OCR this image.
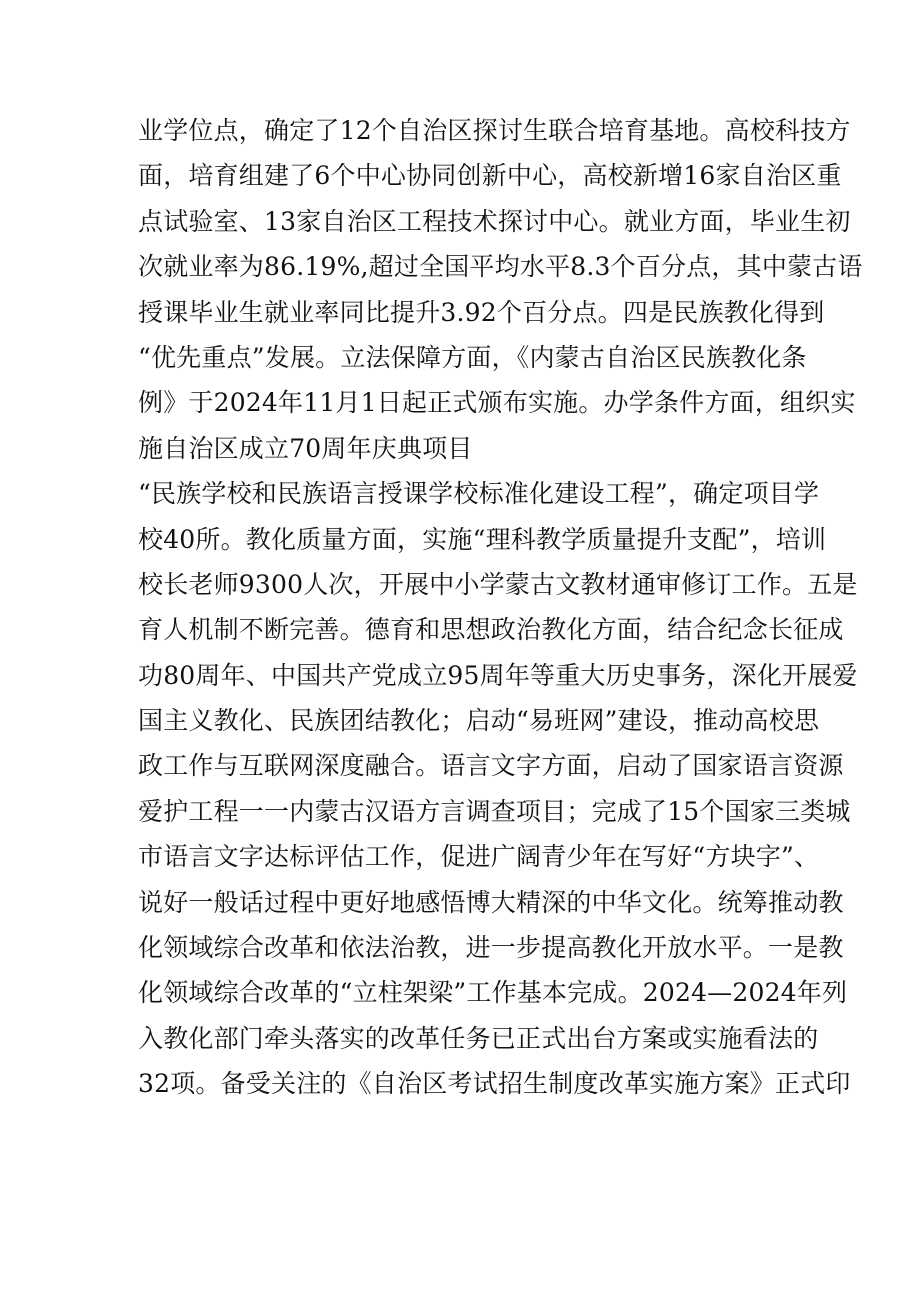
业学位点，确定了12个自治区探讨生联合培育基地。高校科技方
面，培育组建了6个中心协同创新中心，高校新增16家自治区重
点试验室、13家自治区工程技术探讨中心。就业方面，毕业生初
次就业率为86.19%,超过全国平均水平8.3个百分点，其中蒙古语
授课毕业生就业率同比提升3.92个百分点。四是民族教化得到
“优先重点”发展。立法保障方面，《内蒙古自治区民族教化条
例》于2024年11月1日起正式颁布实施。办学条件方面，组织实
施自治区成立70周年庆典项目
“民族学校和民族语言授课学校标准化建设工程”，确定项目学
校40所。教化质量方面，实施“理科教学质量提升支配”，培训
校长老师9300人次，开展中小学蒙古文教材通审修订工作。五是
育人机制不断完善。德育和思想政治教化方面，结合纪念长征成
功80周年、中国共产党成立95周年等重大历史事务，深化开展爱
国主义教化、民族团结教化；启动“易班网”建设，推动高校思
政工作与互联网深度融合。语言文字方面，启动了国家语言资源
爱护工程一一内蒙古汉语方言调查项目；完成了15个国家三类城
市语言文字达标评估工作，促进广阔青少年在写好“方块字”、
说好一般话过程中更好地感悟博大精深的中华文化。统筹推动教
化领域综合改革和依法治教，进一步提高教化开放水平。一是教
化领域综合改革的“立柱架梁”工作基本完成。2024—2024年列
入教化部门牵头落实的改革任务已正式出台方案或实施看法的
32项。备受关注的《自治区考试招生制度改革实施方案》正式印
